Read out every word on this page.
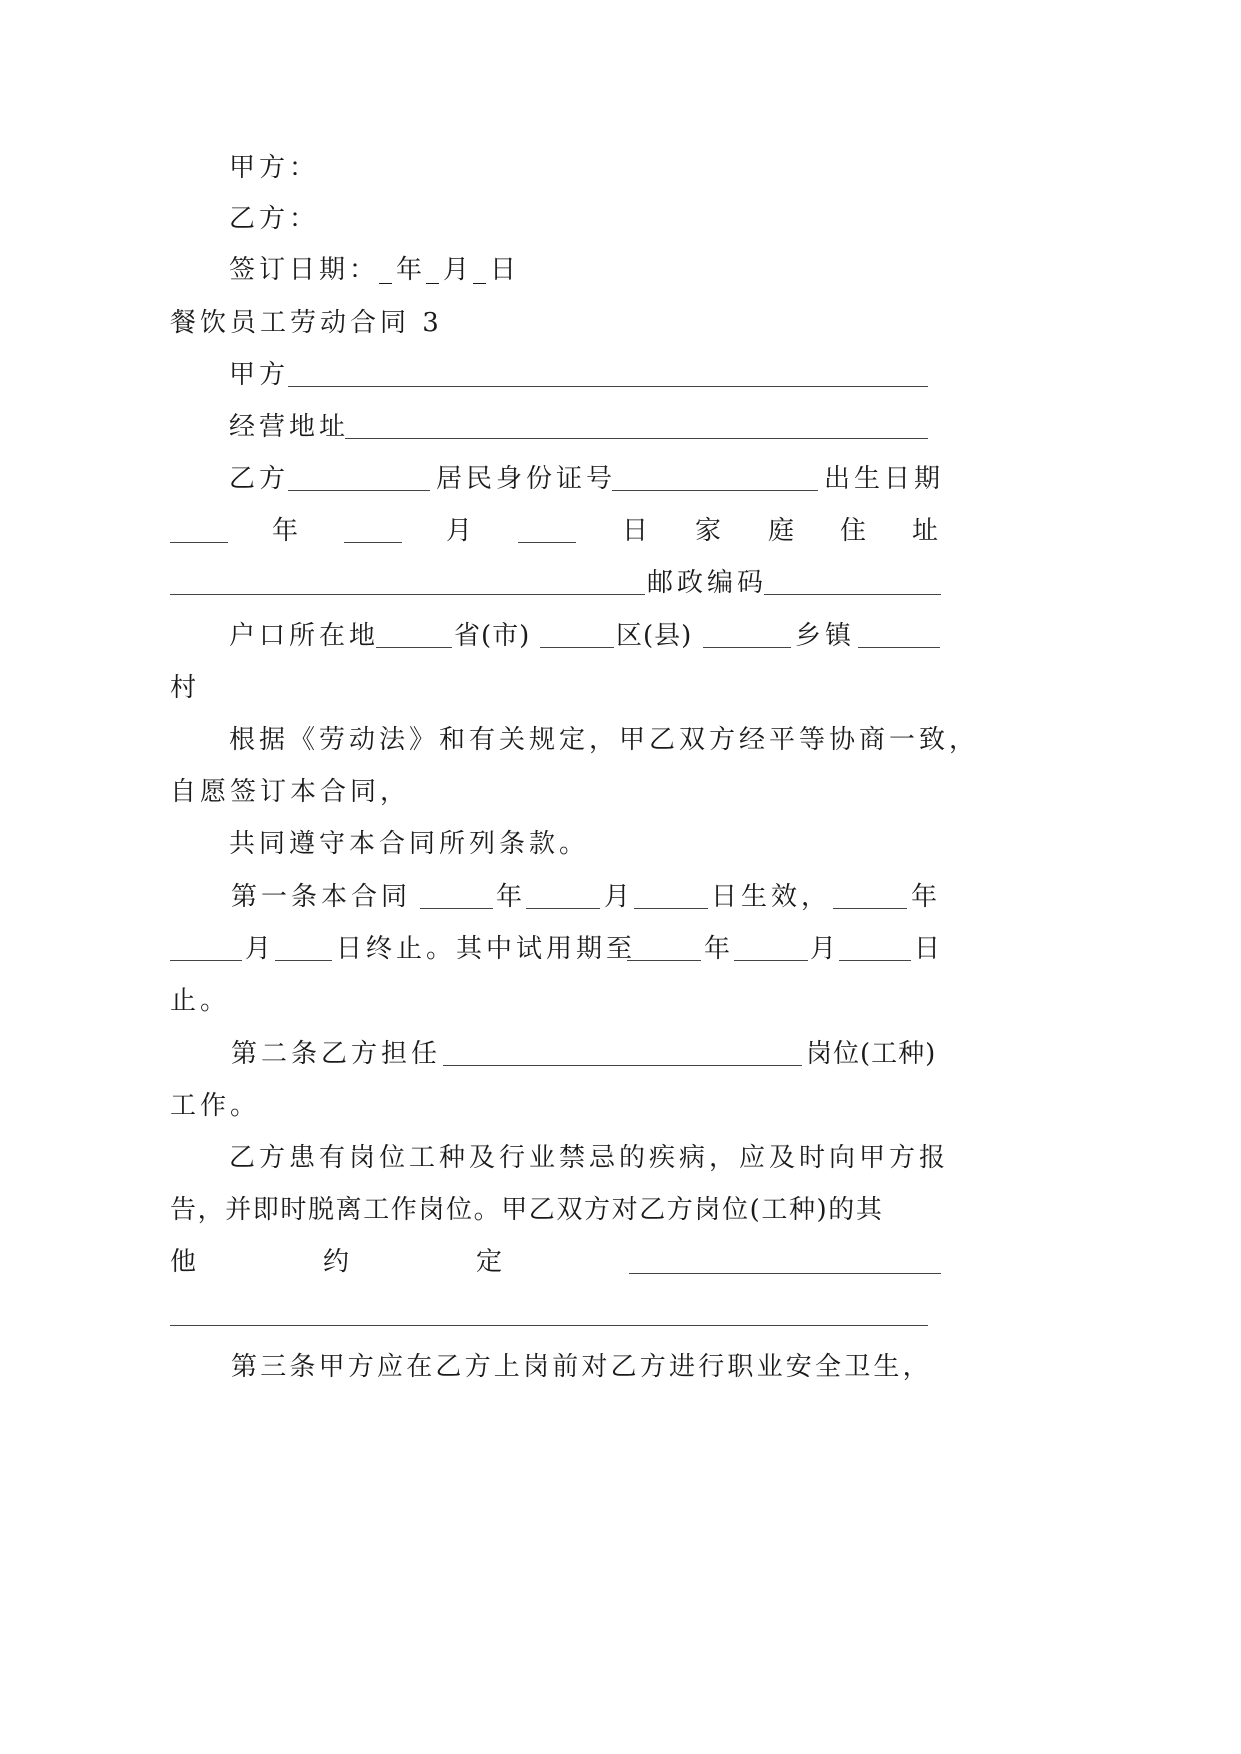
甲方：
乙方：
签订日期：_年_月_日
餐饮员工劳动合同 3
甲方
经营地址
乙方	居民身份证号	出生日期
年	月	日 家 庭 住 址
邮政编码
户口所在地	省(市)	区(县)	乡镇
村
根据《劳动法》和有关规定，甲乙双方经平等协商一致，
自愿签订本合同，
共同遵守本合同所列条款。
第一条本合同	年	月	日生效，	年
月 日终止。其中试用期至	年	月	日
止。
第二条乙方担任	岗位(工种)
工作。
乙方患有岗位工种及行业禁忌的疾病，应及时向甲方报
告，并即时脱离工作岗位。甲乙双方对乙方岗位(工种)的其
他	约	定
第三条甲方应在乙方上岗前对乙方进行职业安全卫生，
